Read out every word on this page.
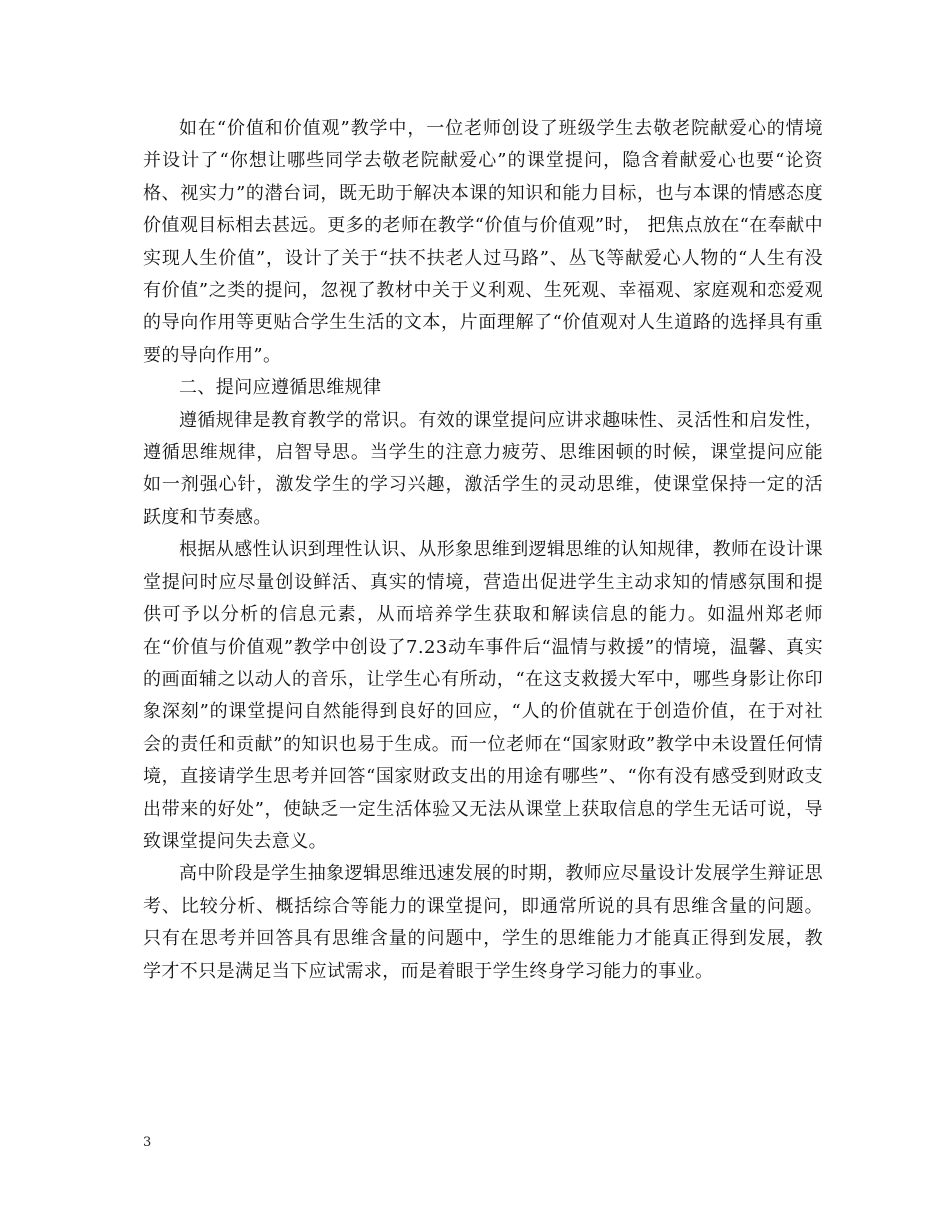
如在“价值和价值观”教学中，一位老师创设了班级学生去敬老院献爱心的情境并设计了“你想让哪些同学去敬老院献爱心”的课堂提问，隐含着献爱心也要“论资格、视实力”的潜台词，既无助于解决本课的知识和能力目标，也与本课的情感态度价值观目标相去甚远。更多的老师在教学“价值与价值观”时， 把焦点放在“在奉献中实现人生价值”，设计了关于“扶不扶老人过马路”、丛飞等献爱心人物的“人生有没有价值”之类的提问，忽视了教材中关于义利观、生死观、幸福观、家庭观和恋爱观的导向作用等更贴合学生生活的文本，片面理解了“价值观对人生道路的选择具有重要的导向作用”。

二、提问应遵循思维规律

遵循规律是教育教学的常识。有效的课堂提问应讲求趣味性、灵活性和启发性，遵循思维规律，启智导思。当学生的注意力疲劳、思维困顿的时候，课堂提问应能如一剂强心针，激发学生的学习兴趣，激活学生的灵动思维，使课堂保持一定的活跃度和节奏感。

根据从感性认识到理性认识、从形象思维到逻辑思维的认知规律，教师在设计课堂提问时应尽量创设鲜活、真实的情境，营造出促进学生主动求知的情感氛围和提供可予以分析的信息元素，从而培养学生获取和解读信息的能力。如温州郑老师在“价值与价值观”教学中创设了7.23动车事件后“温情与救援”的情境，温馨、真实的画面辅之以动人的音乐，让学生心有所动，“在这支救援大军中，哪些身影让你印象深刻”的课堂提问自然能得到良好的回应，“人的价值就在于创造价值，在于对社会的责任和贡献”的知识也易于生成。而一位老师在“国家财政”教学中未设置任何情境，直接请学生思考并回答“国家财政支出的用途有哪些”、“你有没有感受到财政支出带来的好处”，使缺乏一定生活体验又无法从课堂上获取信息的学生无话可说，导致课堂提问失去意义。

高中阶段是学生抽象逻辑思维迅速发展的时期，教师应尽量设计发展学生辩证思考、比较分析、概括综合等能力的课堂提问，即通常所说的具有思维含量的问题。只有在思考并回答具有思维含量的问题中，学生的思维能力才能真正得到发展，教学才不只是满足当下应试需求，而是着眼于学生终身学习能力的事业。

3
